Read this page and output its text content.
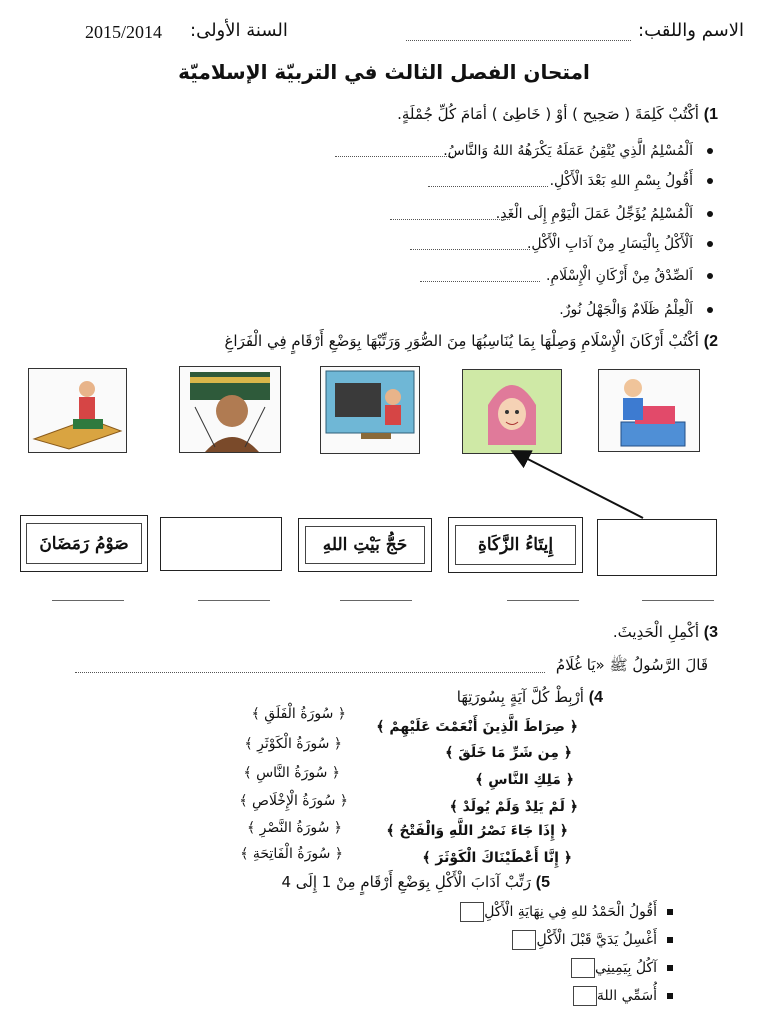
2015/2014 السنة الأولى:	الاسم واللقب:
امتحان الفصل الثالث في التربيّة الإسلاميّة
1) أكْتُبْ كَلِمَةَ ( صَحِيح ) أوْ ( خَاطِئ ) أمَامَ كُلِّ جُمْلَةٍ.
اَلْمُسْلِمُ الَّذِي يُتْقِنُ عَمَلَهُ يَكْرَهُهُ اللهُ وَالنَّاسُ.
أَقُولُ بِسْمِ اللهِ بَعْدَ الْأَكْلِ.
اَلْمُسْلِمُ يُؤَجِّلُ عَمَلَ الْيَوْمِ إِلَى الْغَدِ.
اَلْأَكْلُ بِالْيَسَارِ مِنْ آدَابِ الْأَكْلِ.
اَلصِّدْقُ مِنْ أَرْكَانِ الْإِسْلَامِ.
اَلْعِلْمُ ظَلَامٌ وَالْجَهْلُ نُورٌ.
2) أكْتُبْ أَرْكَانَ الْإِسْلَامِ وَصِلْهَا بِمَا يُنَاسِبُهَا مِنَ الصُّوَرِ وَرَتِّبْهَا بِوَضْعِ أَرْقَامٍ فِي الْفَرَاغِ
صَوْمُ رَمَضَانَ	حَجُّ بَيْتِ اللهِ	إِيتَاءُ الزَّكَاةِ
3) أكْمِلِ الْحَدِيثَ.
قَالَ الرَّسُولُ ﷺ «يَا غُلَامُ
4) أرْبِطْ كُلَّ آيَةٍ بِسُورَتِهَا
﴿ سُورَةُ الْفَلَقِ ﴾
﴿ سُورَةُ الْكَوْثَرِ ﴾
﴿ سُورَةُ النَّاسِ ﴾
﴿ سُورَةُ الْإِخْلَاصِ ﴾
﴿ سُورَةُ النَّصْرِ ﴾
﴿ سُورَةُ الْفَاتِحَةِ ﴾
﴿ صِرَاطَ الَّذِينَ أَنْعَمْتَ عَلَيْهِمْ ﴾
﴿ مِن شَرِّ مَا خَلَقَ ﴾
﴿ مَلِكِ النَّاسِ ﴾
﴿ لَمْ يَلِدْ وَلَمْ يُولَدْ ﴾
﴿ إِذَا جَاءَ نَصْرُ اللَّهِ وَالْفَتْحُ ﴾
﴿ إِنَّا أَعْطَيْنَاكَ الْكَوْثَرَ ﴾
5) رَتِّبْ آدَابَ الْأَكْلِ بِوَضْعِ أَرْقَامٍ مِنْ 1 إِلَى 4
أَقُولُ الْحَمْدُ للهِ فِي نِهَايَةِ الْأَكْلِ
أَغْسِلُ يَدَيَّ قَبْلَ الْأَكْلِ
آكُلُ بِيَمِينِي
أُسَمِّي اللهَ
